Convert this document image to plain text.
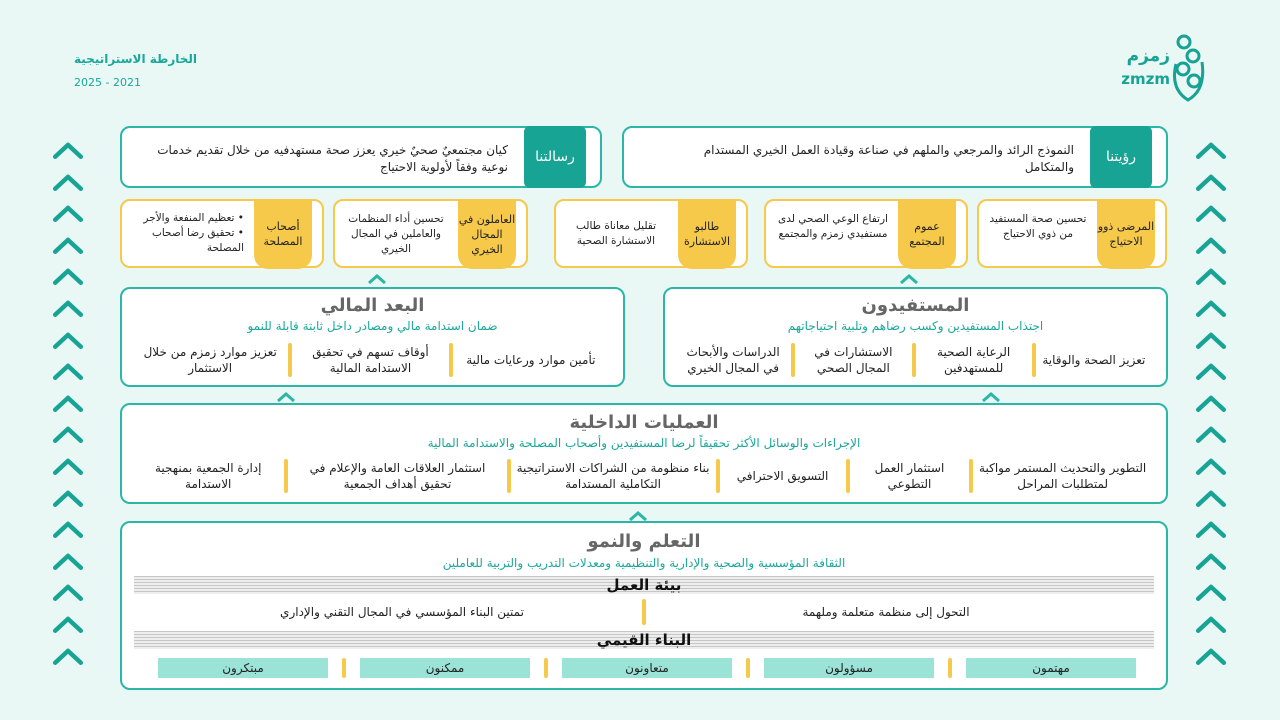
الخارطة الاستراتيجية
2025 - 2021
زمزم
zmzm
رسالتنا
كيان مجتمعيٌ صحيٌ خيري يعزز صحة مستهدفيه من خلال تقديم خدمات نوعية وفقاً لأولوية الاحتياج
رؤيتنا
النموذج الرائد والمرجعي والملهم في صناعة وقيادة العمل الخيري المستدام والمتكامل
المرضى ذوو الاحتياج
تحسين صحة المستفيد من ذوي الاحتياج
عموم المجتمع
ارتفاع الوعي الصحي لدى مستفيدي زمزم والمجتمع
طالبو الاستشارة
تقليل معاناة طالب الاستشارة الصحية
العاملون في المجال الخيري
تحسين أداء المنظمات والعاملين في المجال الخيري
أصحاب المصلحة
• تعظيم المنفعة والأجر
• تحقيق رضا أصحاب المصلحة
البعد المالي
ضمان استدامة مالي ومصادر داخل ثابتة قابلة للنمو
تأمين موارد ورعايات مالية
أوقاف تسهم في تحقيق الاستدامة المالية
تعزيز موارد زمزم من خلال الاستثمار
المستفيدون
اجتذاب المستفيدين وكسب رضاهم وتلبية احتياجاتهم
تعزيز الصحة والوقاية
الرعاية الصحية للمستهدفين
الاستشارات في المجال الصحي
الدراسات والأبحاث في المجال الخيري
العمليات الداخلية
الإجراءات والوسائل الأكثر تحقيقاً لرضا المستفيدين وأصحاب المصلحة والاستدامة المالية
التطوير والتحديث المستمر مواكبة لمتطلبات المراحل
استثمار العمل التطوعي
التسويق الاحترافي
بناء منظومة من الشراكات الاستراتيجية التكاملية المستدامة
استثمار العلاقات العامة والإعلام في تحقيق أهداف الجمعية
إدارة الجمعية بمنهجية الاستدامة
التعلم والنمو
الثقافة المؤسسية والصحية والإدارية والتنظيمية ومعدلات التدريب والتربية للعاملين
بيئة العمل
التحول إلى منظمة متعلمة وملهمة
تمتين البناء المؤسسي في المجال التقني والإداري
البناء القيمي
مهتمون
مسؤولون
متعاونون
ممكنون
مبتكرون
